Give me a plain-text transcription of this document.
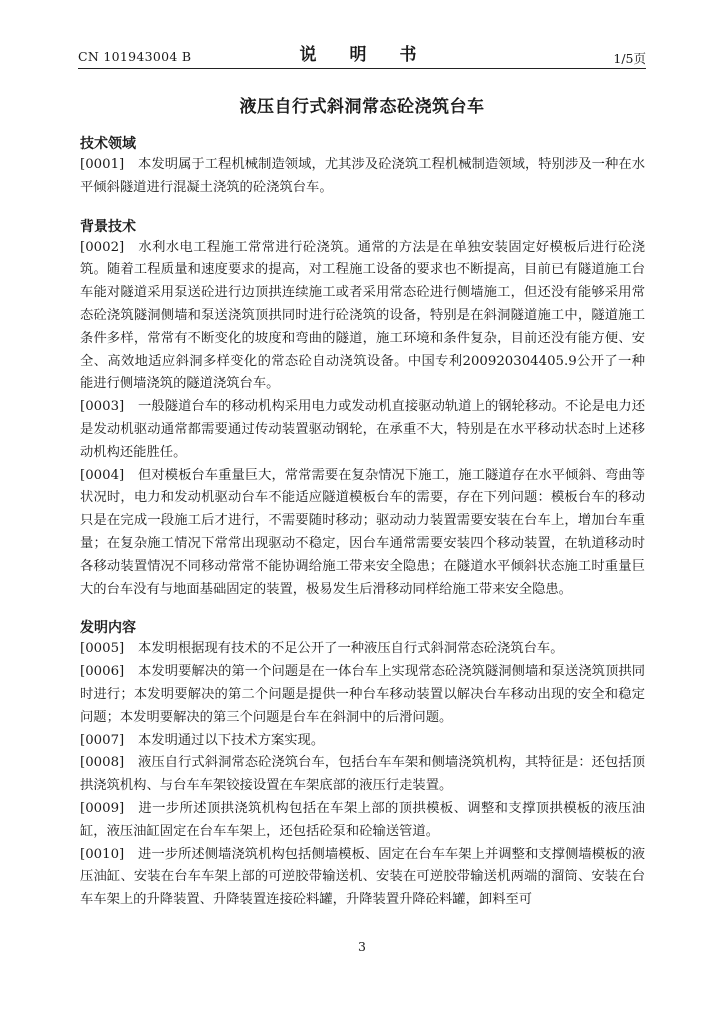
CN 101943004 B	说　明　书	1/5页
液压自行式斜洞常态砼浇筑台车
技术领域
[0001] 本发明属于工程机械制造领域，尤其涉及砼浇筑工程机械制造领域，特别涉及一种在水平倾斜隧道进行混凝土浇筑的砼浇筑台车。
背景技术
[0002] 水利水电工程施工常常进行砼浇筑。通常的方法是在单独安装固定好模板后进行砼浇筑。随着工程质量和速度要求的提高，对工程施工设备的要求也不断提高，目前已有隧道施工台车能对隧道采用泵送砼进行边顶拱连续施工或者采用常态砼进行侧墙施工，但还没有能够采用常态砼浇筑隧洞侧墙和泵送浇筑顶拱同时进行砼浇筑的设备，特别是在斜洞隧道施工中，隧道施工条件多样，常常有不断变化的坡度和弯曲的隧道，施工环境和条件复杂，目前还没有能方便、安全、高效地适应斜洞多样变化的常态砼自动浇筑设备。中国专利200920304405.9公开了一种能进行侧墙浇筑的隧道浇筑台车。
[0003] 一般隧道台车的移动机构采用电力或发动机直接驱动轨道上的钢轮移动。不论是电力还是发动机驱动通常都需要通过传动装置驱动钢轮，在承重不大，特别是在水平移动状态时上述移动机构还能胜任。
[0004] 但对模板台车重量巨大，常常需要在复杂情况下施工，施工隧道存在水平倾斜、弯曲等状况时，电力和发动机驱动台车不能适应隧道模板台车的需要，存在下列问题：模板台车的移动只是在完成一段施工后才进行，不需要随时移动；驱动动力装置需要安装在台车上，增加台车重量；在复杂施工情况下常常出现驱动不稳定，因台车通常需要安装四个移动装置，在轨道移动时各移动装置情况不同移动常常不能协调给施工带来安全隐患；在隧道水平倾斜状态施工时重量巨大的台车没有与地面基础固定的装置，极易发生后滑移动同样给施工带来安全隐患。
发明内容
[0005] 本发明根据现有技术的不足公开了一种液压自行式斜洞常态砼浇筑台车。
[0006] 本发明要解决的第一个问题是在一体台车上实现常态砼浇筑隧洞侧墙和泵送浇筑顶拱同时进行；本发明要解决的第二个问题是提供一种台车移动装置以解决台车移动出现的安全和稳定问题；本发明要解决的第三个问题是台车在斜洞中的后滑问题。
[0007] 本发明通过以下技术方案实现。
[0008] 液压自行式斜洞常态砼浇筑台车，包括台车车架和侧墙浇筑机构，其特征是：还包括顶拱浇筑机构、与台车车架铰接设置在车架底部的液压行走装置。
[0009] 进一步所述顶拱浇筑机构包括在车架上部的顶拱模板、调整和支撑顶拱模板的液压油缸，液压油缸固定在台车车架上，还包括砼泵和砼输送管道。
[0010] 进一步所述侧墙浇筑机构包括侧墙模板、固定在台车车架上并调整和支撑侧墙模板的液压油缸、安装在台车车架上部的可逆胶带输送机、安装在可逆胶带输送机两端的溜筒、安装在台车车架上的升降装置、升降装置连接砼料罐，升降装置升降砼料罐，卸料至可
3
